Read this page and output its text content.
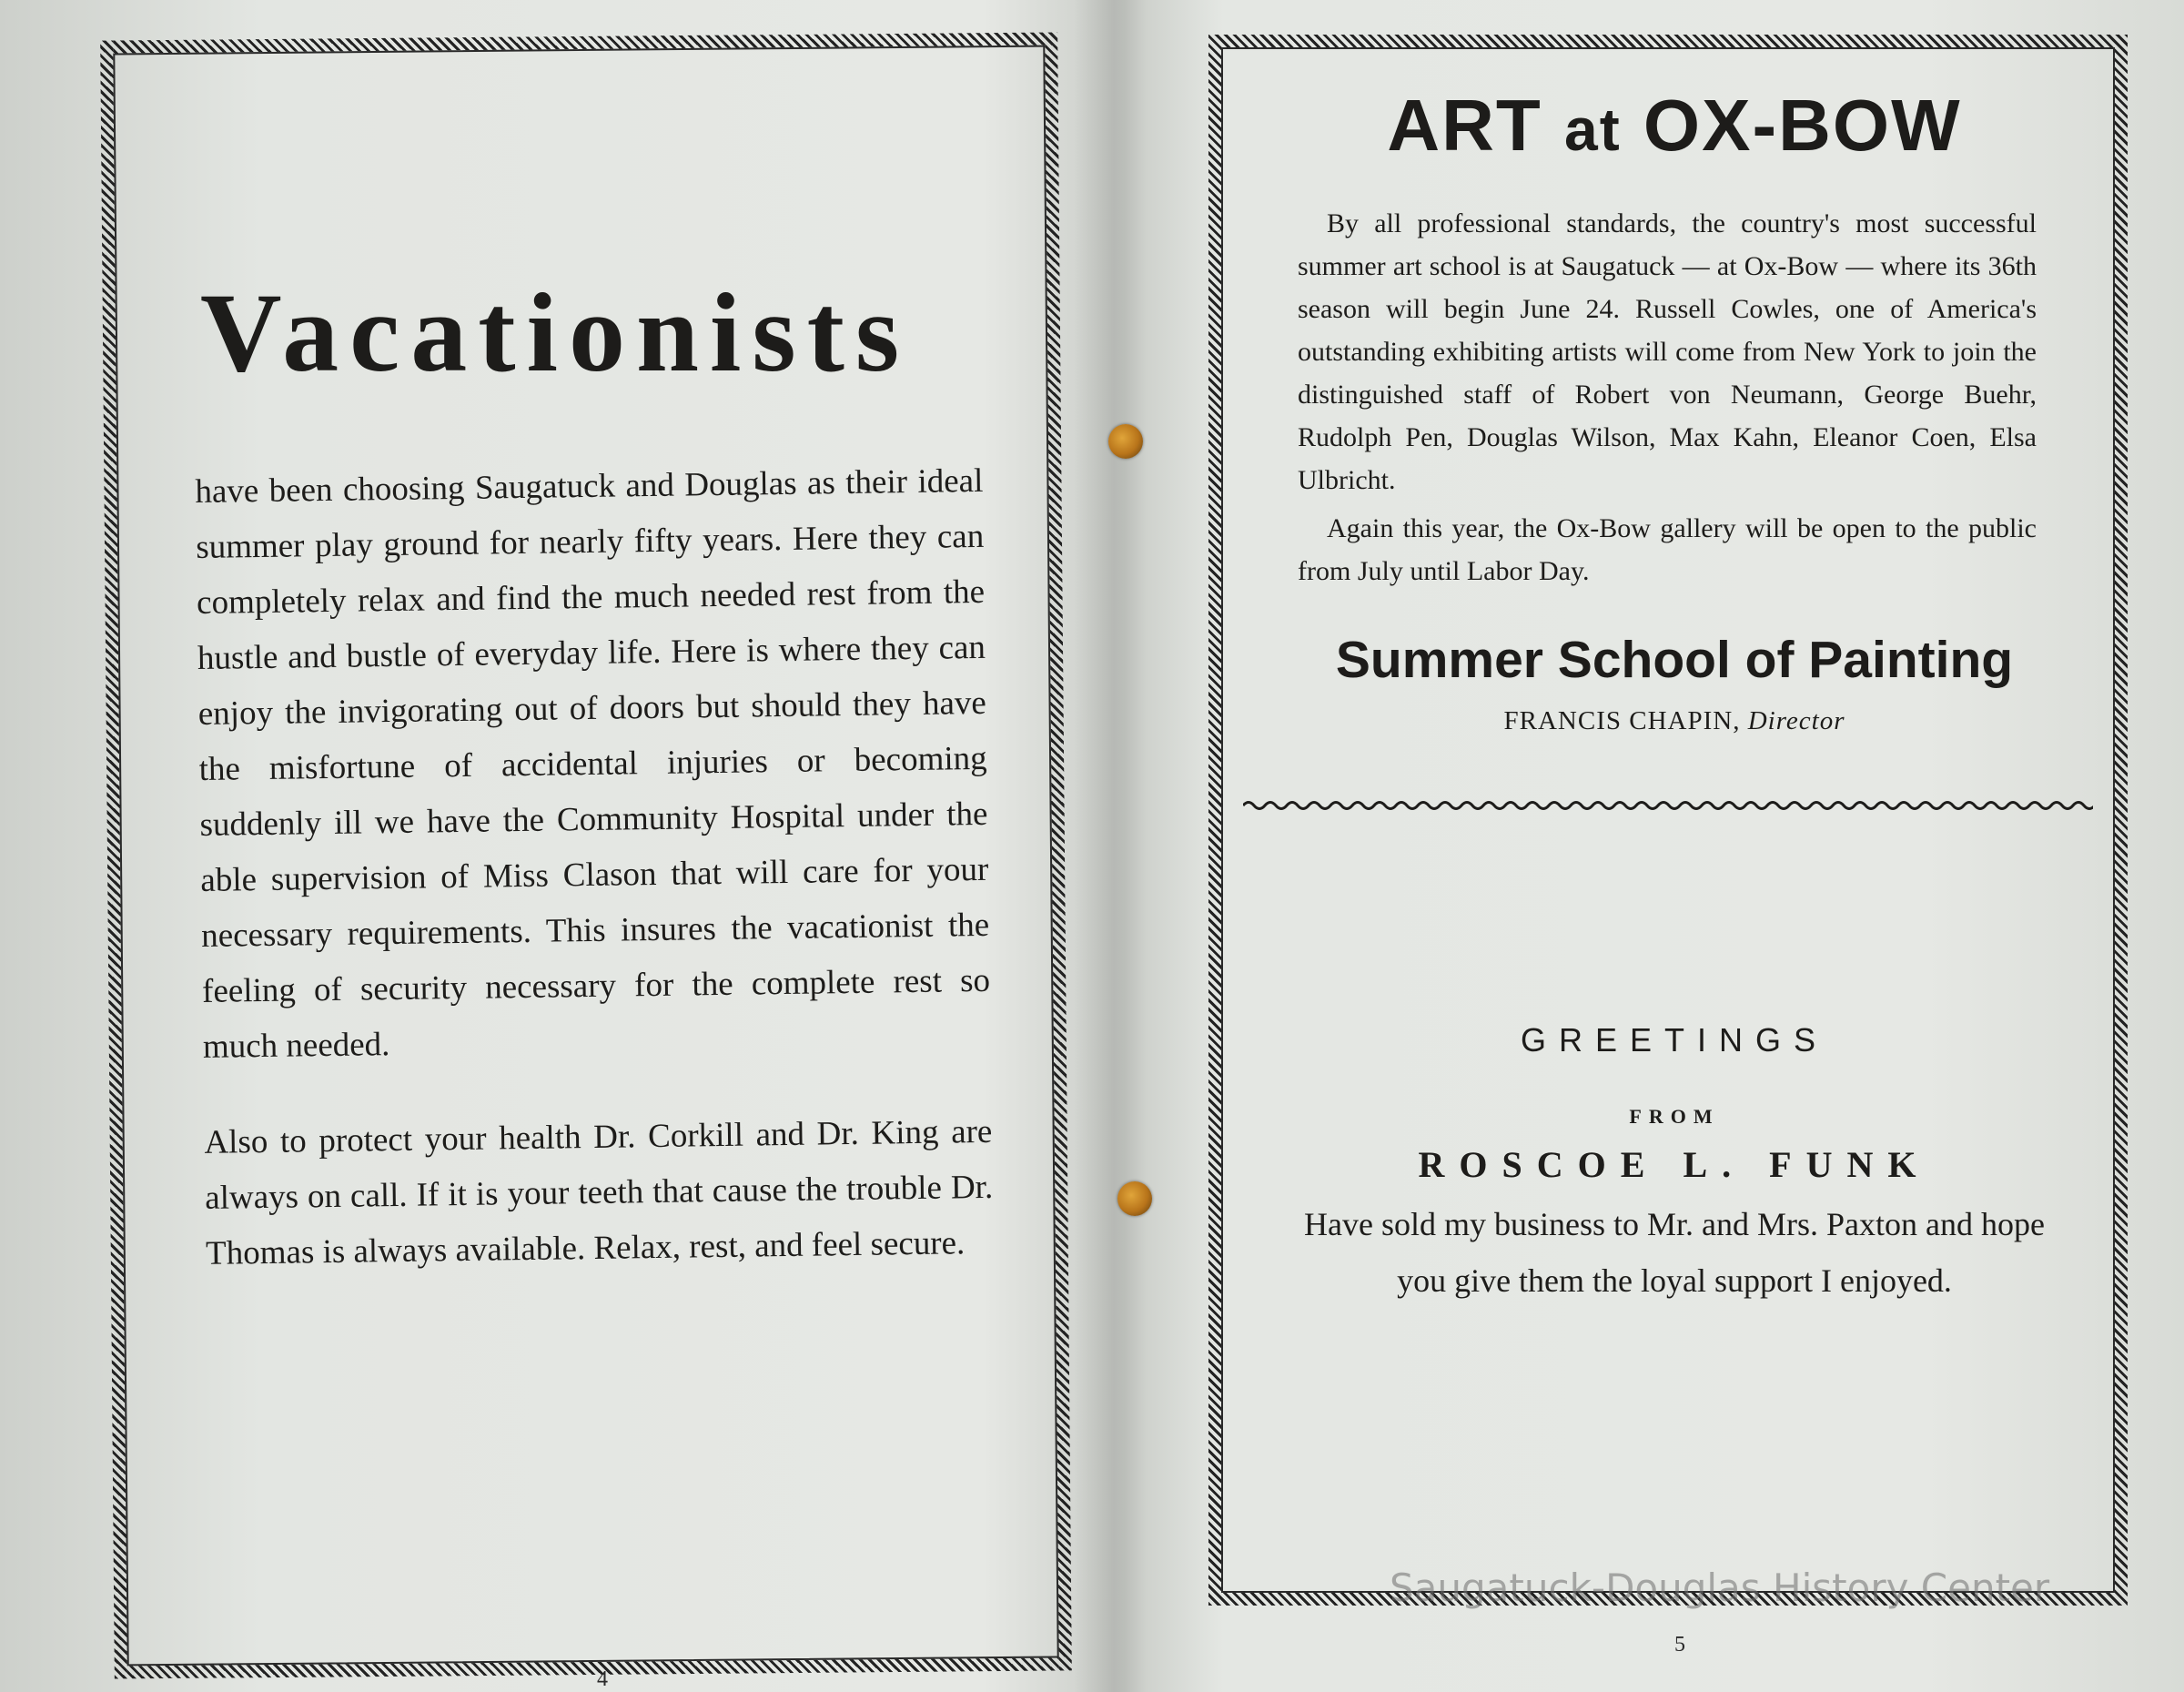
Vacationists

have been choosing Saugatuck and Douglas as their ideal summer play ground for nearly fifty years. Here they can completely relax and find the much needed rest from the hustle and bustle of everyday life. Here is where they can enjoy the invigorating out of doors but should they have the misfortune of accidental injuries or becoming suddenly ill we have the Community Hospital under the able supervision of Miss Clason that will care for your necessary requirements. This insures the vacationist the feeling of security necessary for the complete rest so much needed.

Also to protect your health Dr. Corkill and Dr. King are always on call. If it is your teeth that cause the trouble Dr. Thomas is always available. Relax, rest, and feel secure.

4
ART at OX-BOW

By all professional standards, the country's most successful summer art school is at Saugatuck — at Ox-Bow — where its 36th season will begin June 24. Russell Cowles, one of America's outstanding exhibiting artists will come from New York to join the distinguished staff of Robert von Neumann, George Buehr, Rudolph Pen, Douglas Wilson, Max Kahn, Eleanor Coen, Elsa Ulbricht.

Again this year, the Ox-Bow gallery will be open to the public from July until Labor Day.

Summer School of Painting
FRANCIS CHAPIN, Director
GREETINGS
FROM
ROSCOE L. FUNK
Have sold my business to Mr. and Mrs. Paxton and hope you give them the loyal support I enjoyed.
5
Saugatuck-Douglas History Center
